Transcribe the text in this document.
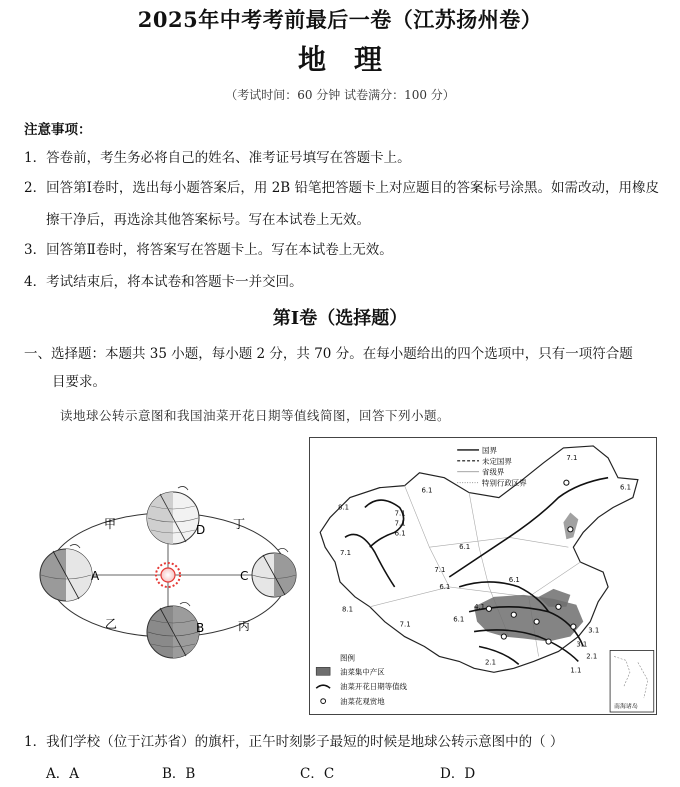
2025年中考考前最后一卷（江苏扬州卷）
地理
（考试时间：60 分钟 试卷满分：100 分）
注意事项：
1．答卷前，考生务必将自己的姓名、准考证号填写在答题卡上。
2．回答第Ⅰ卷时，选出每小题答案后，用 2B 铅笔把答题卡上对应题目的答案标号涂黑。如需改动，用橡皮
擦干净后，再选涂其他答案标号。写在本试卷上无效。
3．回答第Ⅱ卷时，将答案写在答题卡上。写在本试卷上无效。
4．考试结束后，将本试卷和答题卡一并交回。
第Ⅰ卷（选择题）
一、选择题：本题共 35 小题，每小题 2 分，共 70 分。在每小题给出的四个选项中，只有一项符合题
目要求。
读地球公转示意图和我国油菜开花日期等值线简图，回答下列小题。
D
A	C
B
甲
乙	丙
丁
7.1
6.1
8.1
7.1
7.1
6.1
6.1
6.1
7.1
6.1
7.1
8.1
7.1
6.1
6.1
4.1
3.1
2.1
1.1
3.1
2.1
国界
未定国界
省级界
特别行政区界
图例
油菜集中产区
油菜开花日期等值线
油菜花观赏地
南海诸岛
1．我们学校（位于江苏省）的旗杆，正午时刻影子最短的时候是地球公转示意图中的（ ）
A．A	B．B	C．C	D．D
